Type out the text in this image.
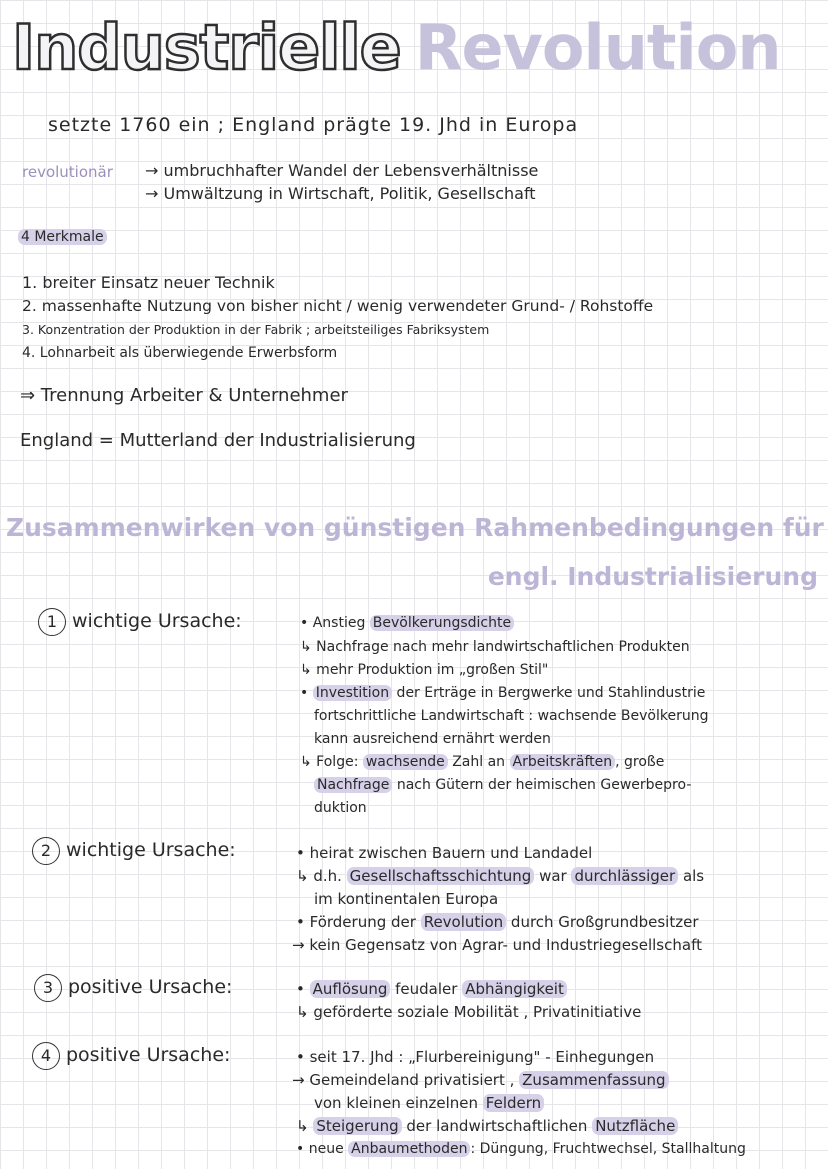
Industrielle Revolution
setzte 1760 ein ; England prägte 19. Jhd in Europa
revolutionär → umbruchhafter Wandel der Lebensverhältnisse
→ Umwältzung in Wirtschaft, Politik, Gesellschaft
4 Merkmale
1. breiter Einsatz neuer Technik
2. massenhafte Nutzung von bisher nicht / wenig verwendeter Grund- / Rohstoffe
3. Konzentration der Produktion in der Fabrik ; arbeitsteiliges Fabriksystem
4. Lohnarbeit als überwiegende Erwerbsform
⇒ Trennung Arbeiter & Unternehmer
England = Mutterland der Industrialisierung
Zusammenwirken von günstigen Rahmenbedingungen für
engl. Industrialisierung
1 wichtige Ursache:	• Anstieg Bevölkerungsdichte
↳ Nachfrage nach mehr landwirtschaftlichen Produkten
↳ mehr Produktion im „großen Stil"
• Investition der Erträge in Bergwerke und Stahlindustrie
fortschrittliche Landwirtschaft : wachsende Bevölkerung
kann ausreichend ernährt werden
↳ Folge: wachsende Zahl an Arbeitskräften , große
Nachfrage nach Gütern der heimischen Gewerbepro-
duktion
2 wichtige Ursache:	• heirat zwischen Bauern und Landadel
↳ d.h. Gesellschaftsschichtung war durchlässiger als
im kontinentalen Europa
• Förderung der Revolution durch Großgrundbesitzer
→ kein Gegensatz von Agrar- und Industriegesellschaft
3 positive Ursache:	• Auflösung feudaler Abhängigkeit
↳ geförderte soziale Mobilität , Privatinitiative
4 positive Ursache:	• seit 17. Jhd : „Flurbereinigung" - Einhegungen
→ Gemeindeland privatisiert , Zusammenfassung
von kleinen einzelnen Feldern
↳ Steigerung der landwirtschaftlichen Nutzfläche
• neue Anbaumethoden : Düngung, Fruchtwechsel, Stallhaltung
